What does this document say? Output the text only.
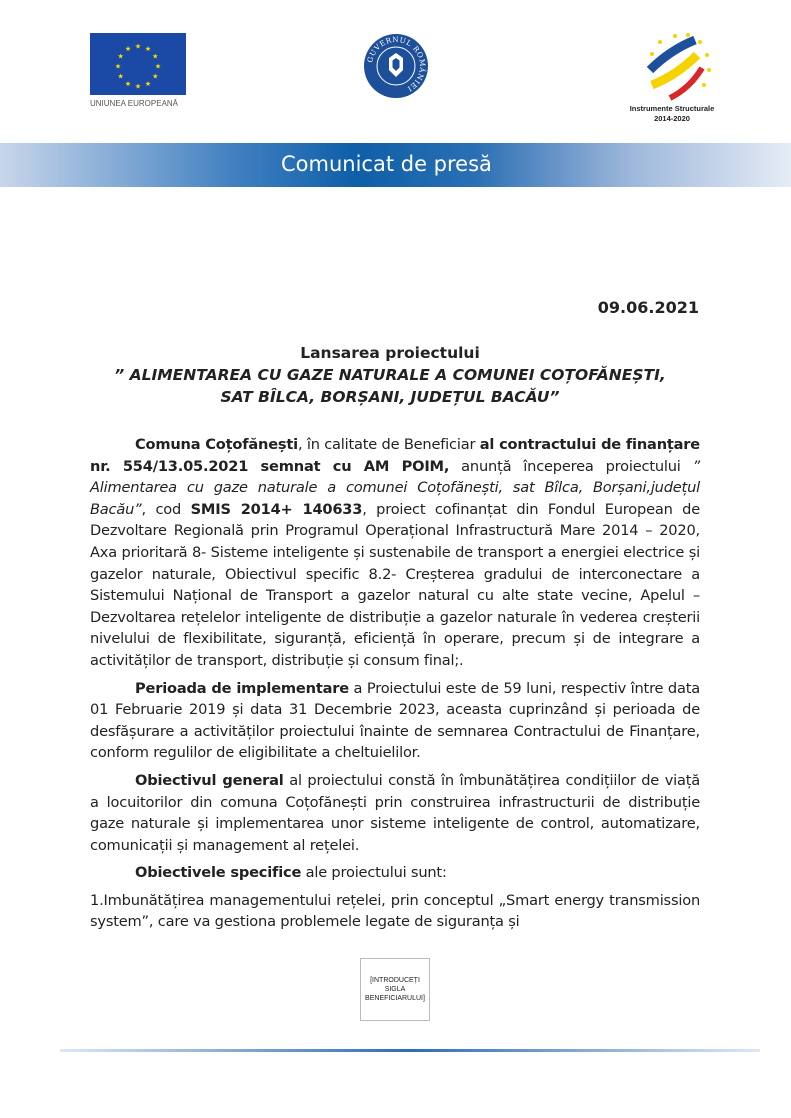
★ ★
★
★
★
★
★
★
★
★
★
★
UNIUNEA EUROPEANĂ
GUVERNUL ROMÂNIEI
Instrumente Structurale
2014-2020
Comunicat de presă
09.06.2021
Lansarea proiectului
” ALIMENTAREA CU GAZE NATURALE A COMUNEI COȚOFĂNEȘTI,
SAT BÎLCA, BORȘANI, JUDEȚUL BACĂU”

Comuna Coțofănești, în calitate de Beneficiar al contractului de finanțare nr. 554/13.05.2021 semnat cu AM POIM, anunță începerea proiectului ” Alimentarea cu gaze naturale a comunei Coțofănești, sat Bîlca, Borșani,județul Bacău”, cod SMIS 2014+ 140633, proiect cofinanțat din Fondul European de Dezvoltare Regională prin Programul Operațional Infrastructură Mare 2014 – 2020, Axa prioritară 8- Sisteme inteligente și sustenabile de transport a energiei electrice și gazelor naturale, Obiectivul specific 8.2- Creșterea gradului de interconectare a Sistemului Național de Transport a gazelor natural cu alte state vecine, Apelul – Dezvoltarea rețelelor inteligente de distribuție a gazelor naturale în vederea creșterii nivelului de flexibilitate, siguranță, eficiență în operare, precum și de integrare a activităților de transport, distribuție și consum final;.

Perioada de implementare a Proiectului este de 59 luni, respectiv între data 01 Februarie 2019 și data 31 Decembrie 2023, aceasta cuprinzând și perioada de desfășurare a activităților proiectului înainte de semnarea Contractului de Finanțare, conform regulilor de eligibilitate a cheltuielilor.

Obiectivul general al proiectului constă în îmbunătățirea condițiilor de viață a locuitorilor din comuna Coțofănești prin construirea infrastructurii de distribuție gaze naturale și implementarea unor sisteme inteligente de control, automatizare, comunicații și management al rețelei.

Obiectivele specifice ale proiectului sunt:

1.Imbunătățirea managementului rețelei, prin conceptul „Smart energy transmission system”, care va gestiona problemele legate de siguranța și

[INTRODUCEȚI SIGLA BENEFICIARULUI]
